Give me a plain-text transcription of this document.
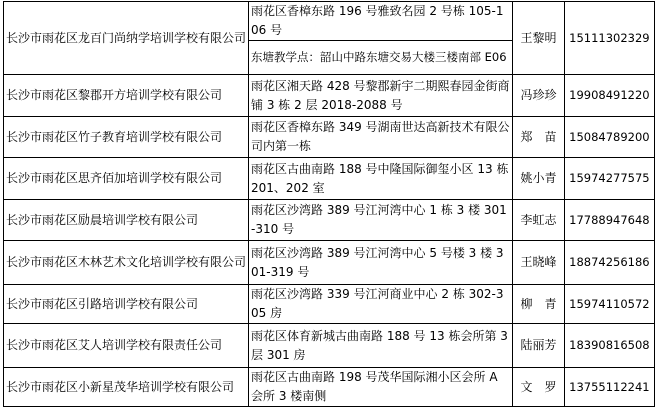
长沙市雨花区龙百门尚纳学培训学校有限公司	雨花区香樟东路 196 号雅致名园 2 号栋 105-106 号	王黎明	15111302329
	东塘教学点：韶山中路东塘交易大楼三楼南部 E06		
长沙市雨花区黎郡开方培训学校有限公司	雨花区湘天路 428 号黎郡新宇二期熙春园金街商铺 3 栋 2 层 2018-2088 号	冯珍珍	19908491220
长沙市雨花区竹子教育培训学校有限公司	雨花区香樟东路 349 号湖南世达高新技术有限公司内第一栋	郑　苗	15084789200
长沙市雨花区思齐佰加培训学校有限公司	雨花区古曲南路 188 号中隆国际御玺小区 13 栋 201、202 室	姚小青	15974277575
长沙市雨花区励晨培训学校有限公司	雨花区沙湾路 389 号江河湾中心 1 栋 3 楼 301-310 号	李虹志	17788947648
长沙市雨花区木林艺术文化培训学校有限公司	雨花区沙湾路 389 号江河湾中心 5 号楼 3 楼 301-319 号	王晓峰	18874256186
长沙市雨花区引路培训学校有限公司	雨花区沙湾路 339 号江河商业中心 2 栋 302-305 房	柳　青	15974110572
长沙市雨花区艾人培训学校有限责任公司	雨花区体育新城古曲南路 188 号 13 栋会所第 3 层 301 房	陆丽芳	18390816508
长沙市雨花区小新星茂华培训学校有限公司	雨花区古曲南路 198 号茂华国际湘小区会所 A 会所 3 楼南侧	文　罗	13755112241
